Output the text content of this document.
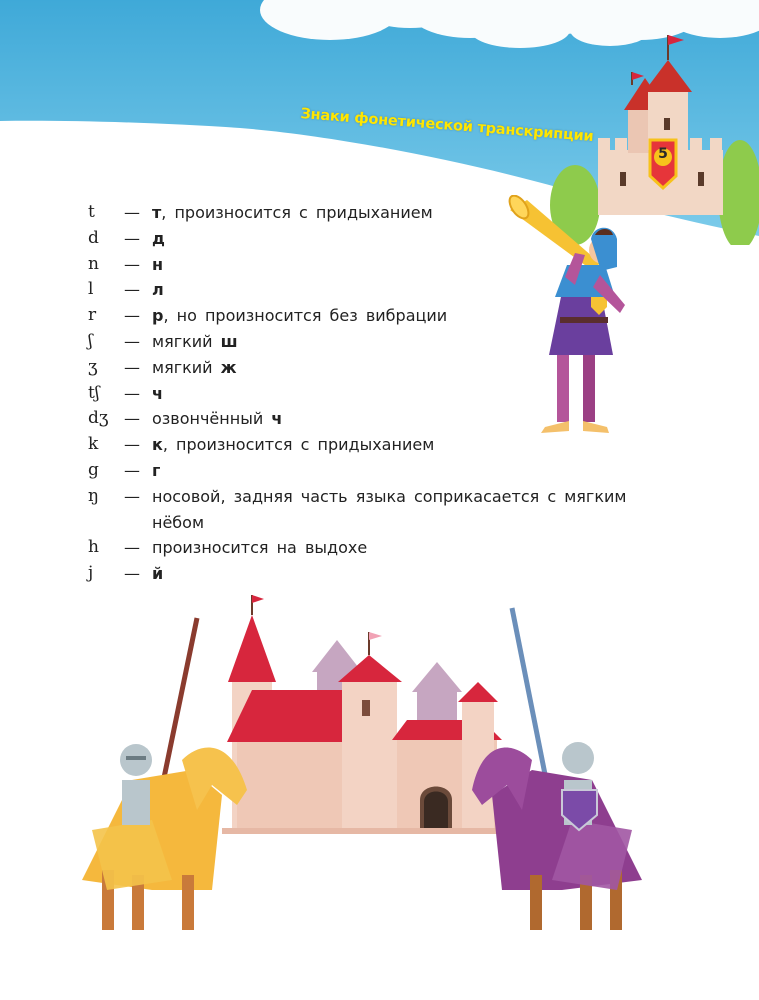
Знаки фонетической транскрипции
5
t	— т, произносится с придыханием
d	— д
n	— н
l	— л
r	— р, но произносится без вибрации
ʃ	— мягкий ш
ʒ	— мягкий ж
tʃ	— ч
dʒ — озвончённый ч
k	— к, произносится с придыханием
g	— г
ŋ	— носовой, задняя часть языка соприкасается с мягким нёбом
h	— произносится на выдохе
j	— й
